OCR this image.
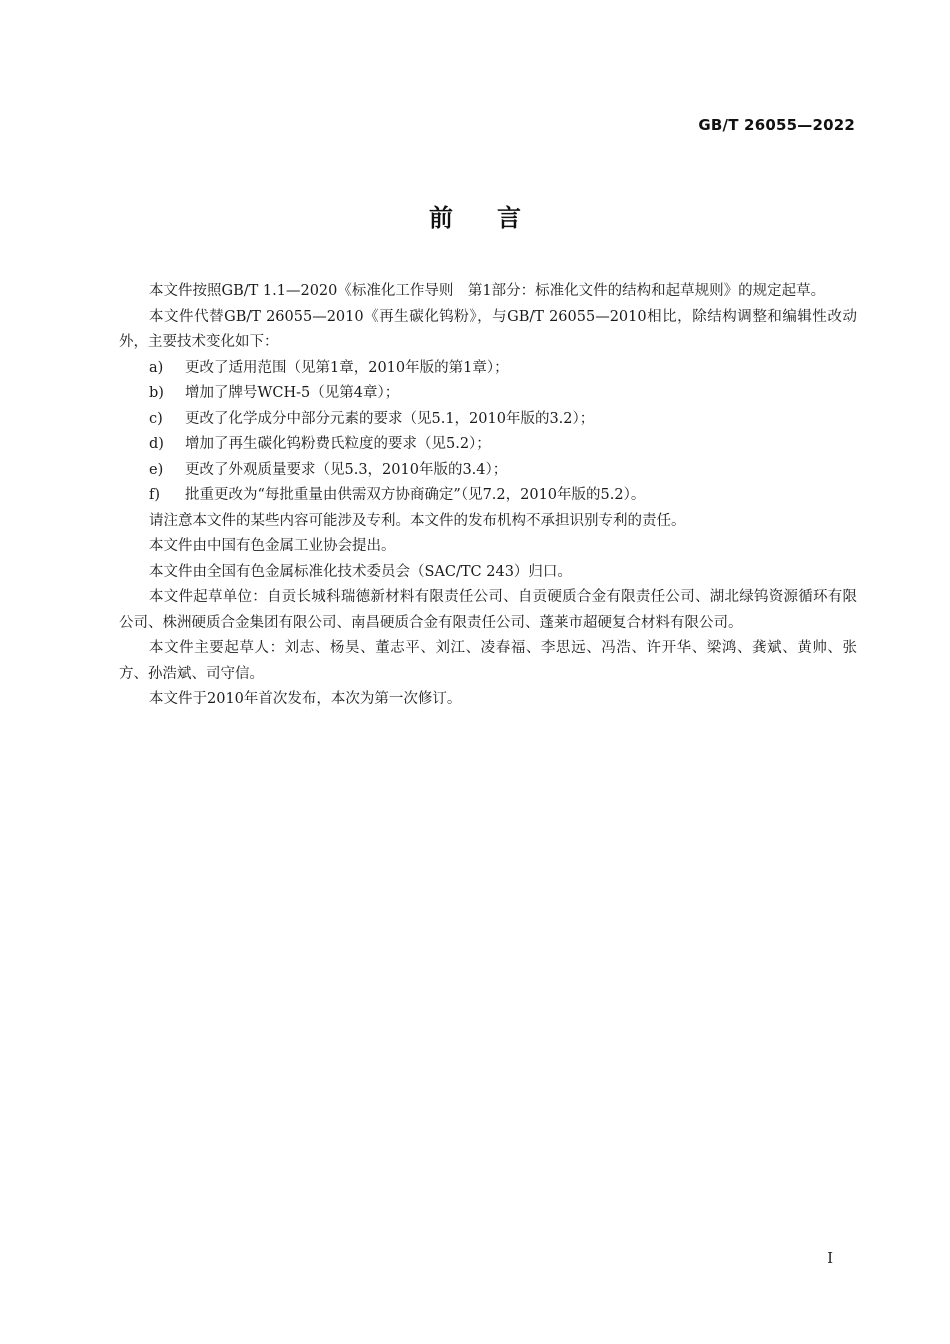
GB/T 26055—2022
前言

本文件按照GB/T 1.1—2020《标准化工作导则　第1部分：标准化文件的结构和起草规则》的规定起草。

本文件代替GB/T 26055—2010《再生碳化钨粉》，与GB/T 26055—2010相比，除结构调整和编辑性改动外，主要技术变化如下：

a)	更改了适用范围（见第1章，2010年版的第1章）；
b)	增加了牌号WCH-5（见第4章）；
c)	更改了化学成分中部分元素的要求（见5.1，2010年版的3.2）；
d)	增加了再生碳化钨粉费氏粒度的要求（见5.2）；
e)	更改了外观质量要求（见5.3，2010年版的3.4）；
f)	批重更改为“每批重量由供需双方协商确定”（见7.2，2010年版的5.2）。

请注意本文件的某些内容可能涉及专利。本文件的发布机构不承担识别专利的责任。

本文件由中国有色金属工业协会提出。

本文件由全国有色金属标准化技术委员会（SAC/TC 243）归口。

本文件起草单位：自贡长城科瑞德新材料有限责任公司、自贡硬质合金有限责任公司、湖北绿钨资源循环有限公司、株洲硬质合金集团有限公司、南昌硬质合金有限责任公司、蓬莱市超硬复合材料有限公司。

本文件主要起草人：刘志、杨昊、董志平、刘江、凌春福、李思远、冯浩、许开华、梁鸿、龚斌、黄帅、张方、孙浩斌、司守信。

本文件于2010年首次发布，本次为第一次修订。

I
